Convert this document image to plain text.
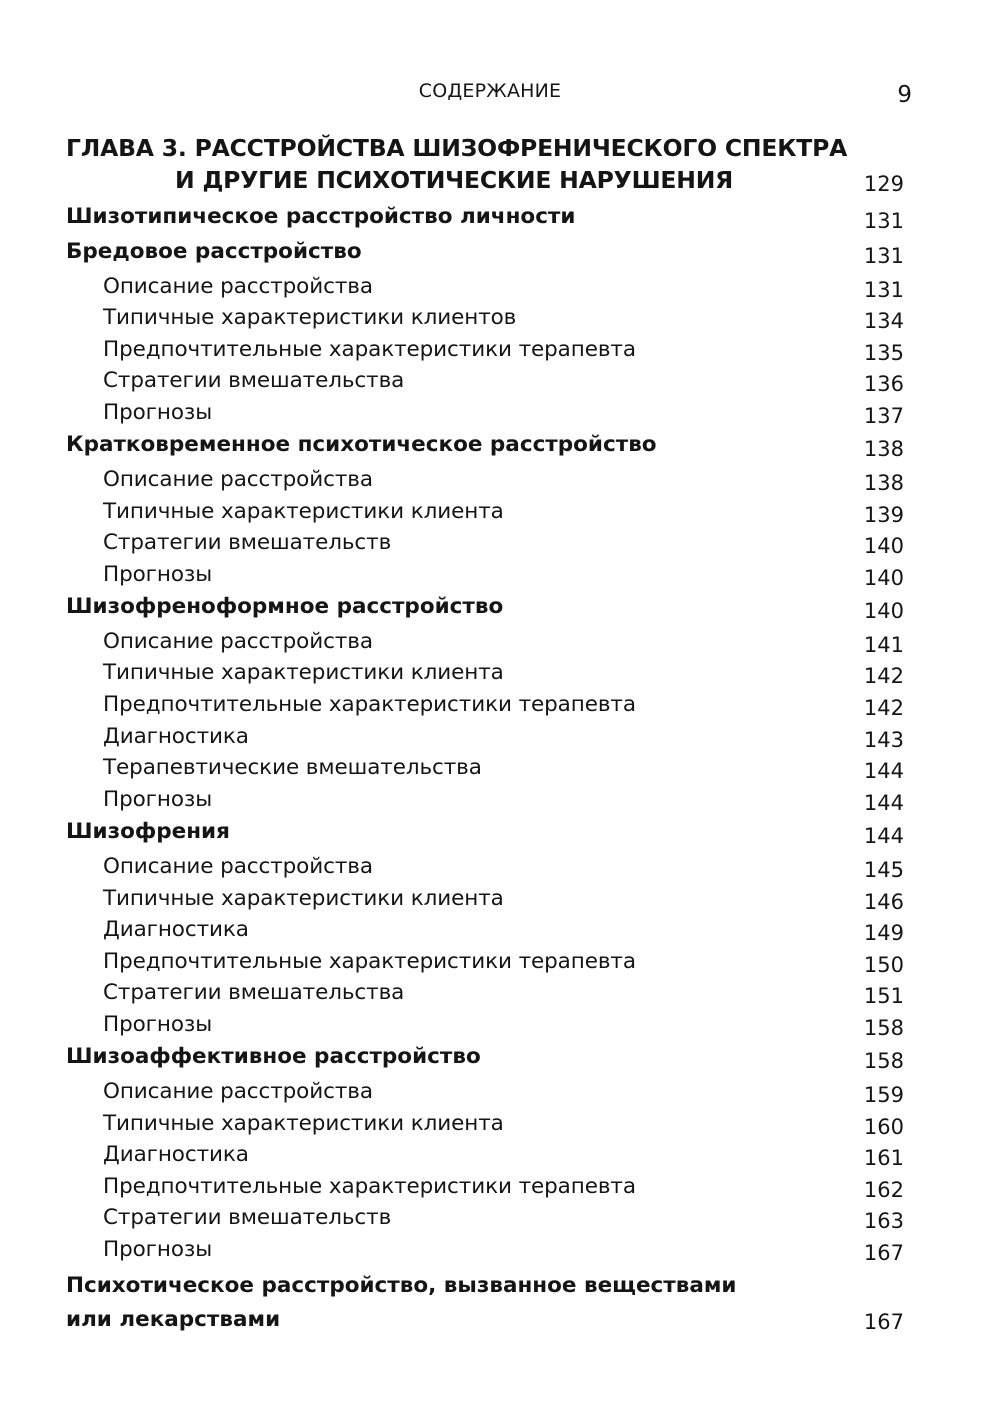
СОДЕРЖАНИЕ	9
ГЛАВА 3. РАССТРОЙСТВА ШИЗОФРЕНИЧЕСКОГО СПЕКТРА
И ДРУГИЕ ПСИХОТИЧЕСКИЕ НАРУШЕНИЯ	129
Шизотипическое расстройство личности	131
Бредовое расстройство	131
Описание расстройства	131
Типичные характеристики клиентов	134
Предпочтительные характеристики терапевта	135
Стратегии вмешательства	136
Прогнозы	137
Кратковременное психотическое расстройство	138
Описание расстройства	138
Типичные характеристики клиента	139
Стратегии вмешательств	140
Прогнозы	140
Шизофреноформное расстройство	140
Описание расстройства	141
Типичные характеристики клиента	142
Предпочтительные характеристики терапевта	142
Диагностика	143
Терапевтические вмешательства	144
Прогнозы	144
Шизофрения	144
Описание расстройства	145
Типичные характеристики клиента	146
Диагностика	149
Предпочтительные характеристики терапевта	150
Стратегии вмешательства	151
Прогнозы	158
Шизоаффективное расстройство	158
Описание расстройства	159
Типичные характеристики клиента	160
Диагностика	161
Предпочтительные характеристики терапевта	162
Стратегии вмешательств	163
Прогнозы	167
Психотическое расстройство, вызванное веществами или лекарствами	167
